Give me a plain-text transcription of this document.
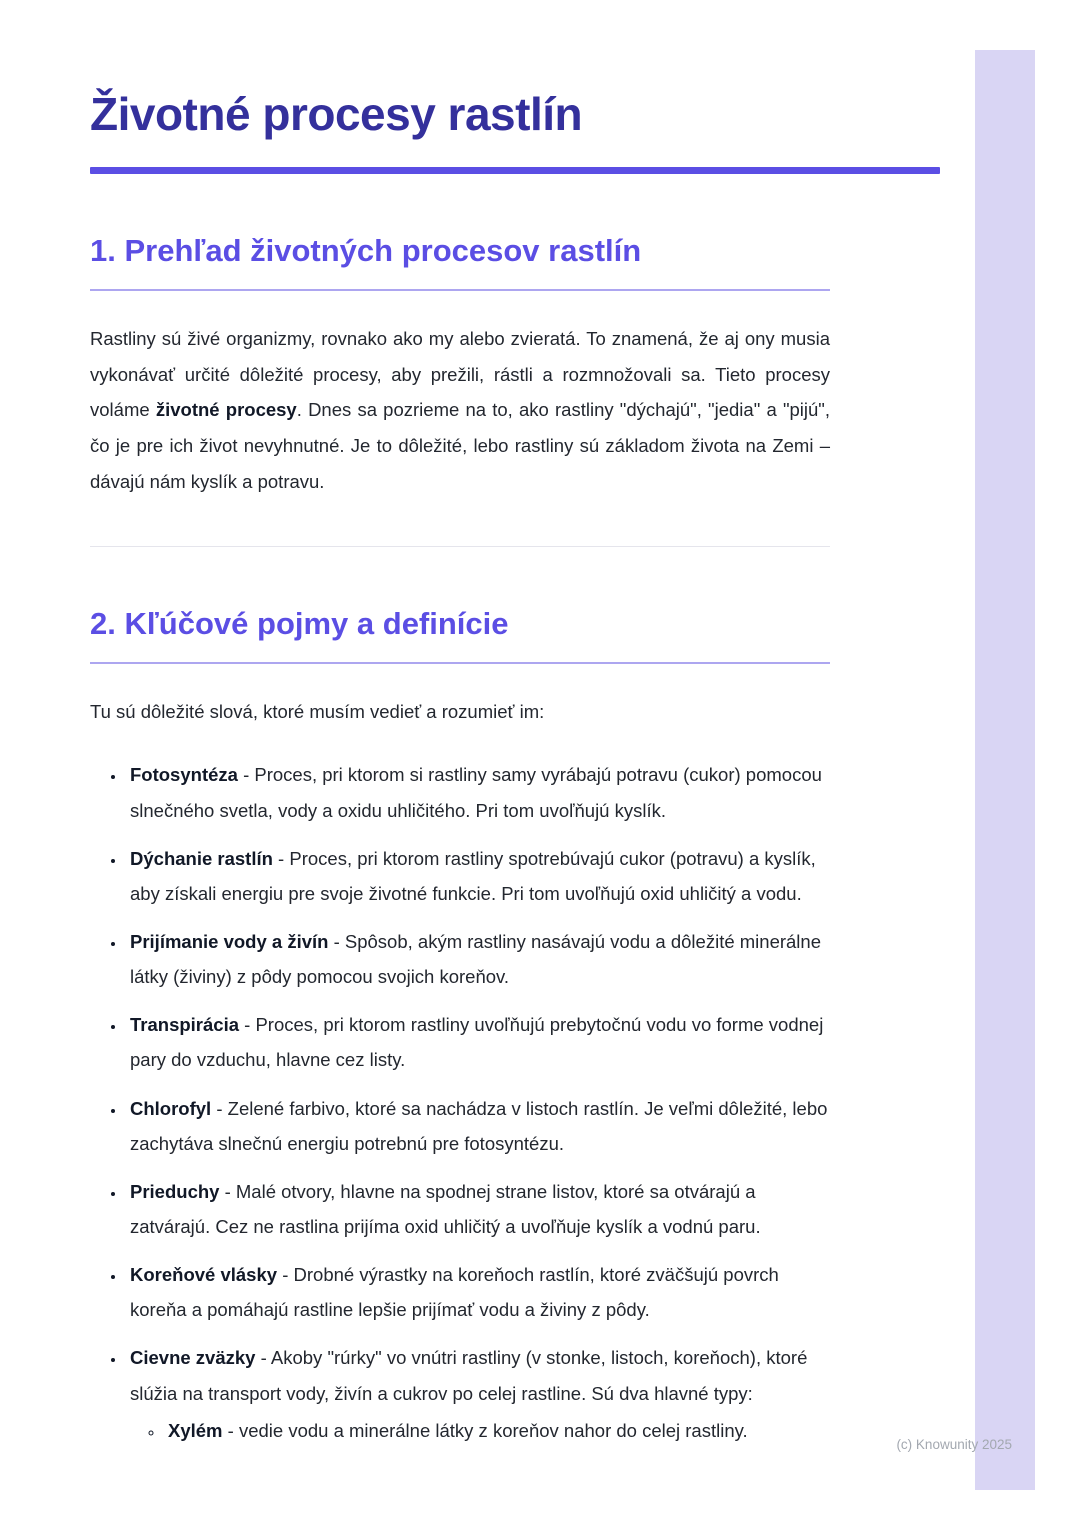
Životné procesy rastlín
1. Prehľad životných procesov rastlín

Rastliny sú živé organizmy, rovnako ako my alebo zvieratá. To znamená, že aj ony musia vykonávať určité dôležité procesy, aby prežili, rástli a rozmnožovali sa. Tieto procesy voláme životné procesy. Dnes sa pozrieme na to, ako rastliny "dýchajú", "jedia" a "pijú", čo je pre ich život nevyhnutné. Je to dôležité, lebo rastliny sú základom života na Zemi – dávajú nám kyslík a potravu.

2. Kľúčové pojmy a definície

Tu sú dôležité slová, ktoré musím vedieť a rozumieť im:

• Fotosyntéza - Proces, pri ktorom si rastliny samy vyrábajú potravu (cukor) pomocou slnečného svetla, vody a oxidu uhličitého. Pri tom uvoľňujú kyslík.
• Dýchanie rastlín - Proces, pri ktorom rastliny spotrebúvajú cukor (potravu) a kyslík, aby získali energiu pre svoje životné funkcie. Pri tom uvoľňujú oxid uhličitý a vodu.
• Prijímanie vody a živín - Spôsob, akým rastliny nasávajú vodu a dôležité minerálne látky (živiny) z pôdy pomocou svojich koreňov.
• Transpirácia - Proces, pri ktorom rastliny uvoľňujú prebytočnú vodu vo forme vodnej pary do vzduchu, hlavne cez listy.
• Chlorofyl - Zelené farbivo, ktoré sa nachádza v listoch rastlín. Je veľmi dôležité, lebo zachytáva slnečnú energiu potrebnú pre fotosyntézu.
• Prieduchy - Malé otvory, hlavne na spodnej strane listov, ktoré sa otvárajú a zatvárajú. Cez ne rastlina prijíma oxid uhličitý a uvoľňuje kyslík a vodnú paru.
• Koreňové vlásky - Drobné výrastky na koreňoch rastlín, ktoré zväčšujú povrch koreňa a pomáhajú rastline lepšie prijímať vodu a živiny z pôdy.
• Cievne zväzky - Akoby "rúrky" vo vnútri rastliny (v stonke, listoch, koreňoch), ktoré slúžia na transport vody, živín a cukrov po celej rastline. Sú dva hlavné typy:
◦ Xylém - vedie vodu a minerálne látky z koreňov nahor do celej rastliny.
(c) Knowunity 2025
